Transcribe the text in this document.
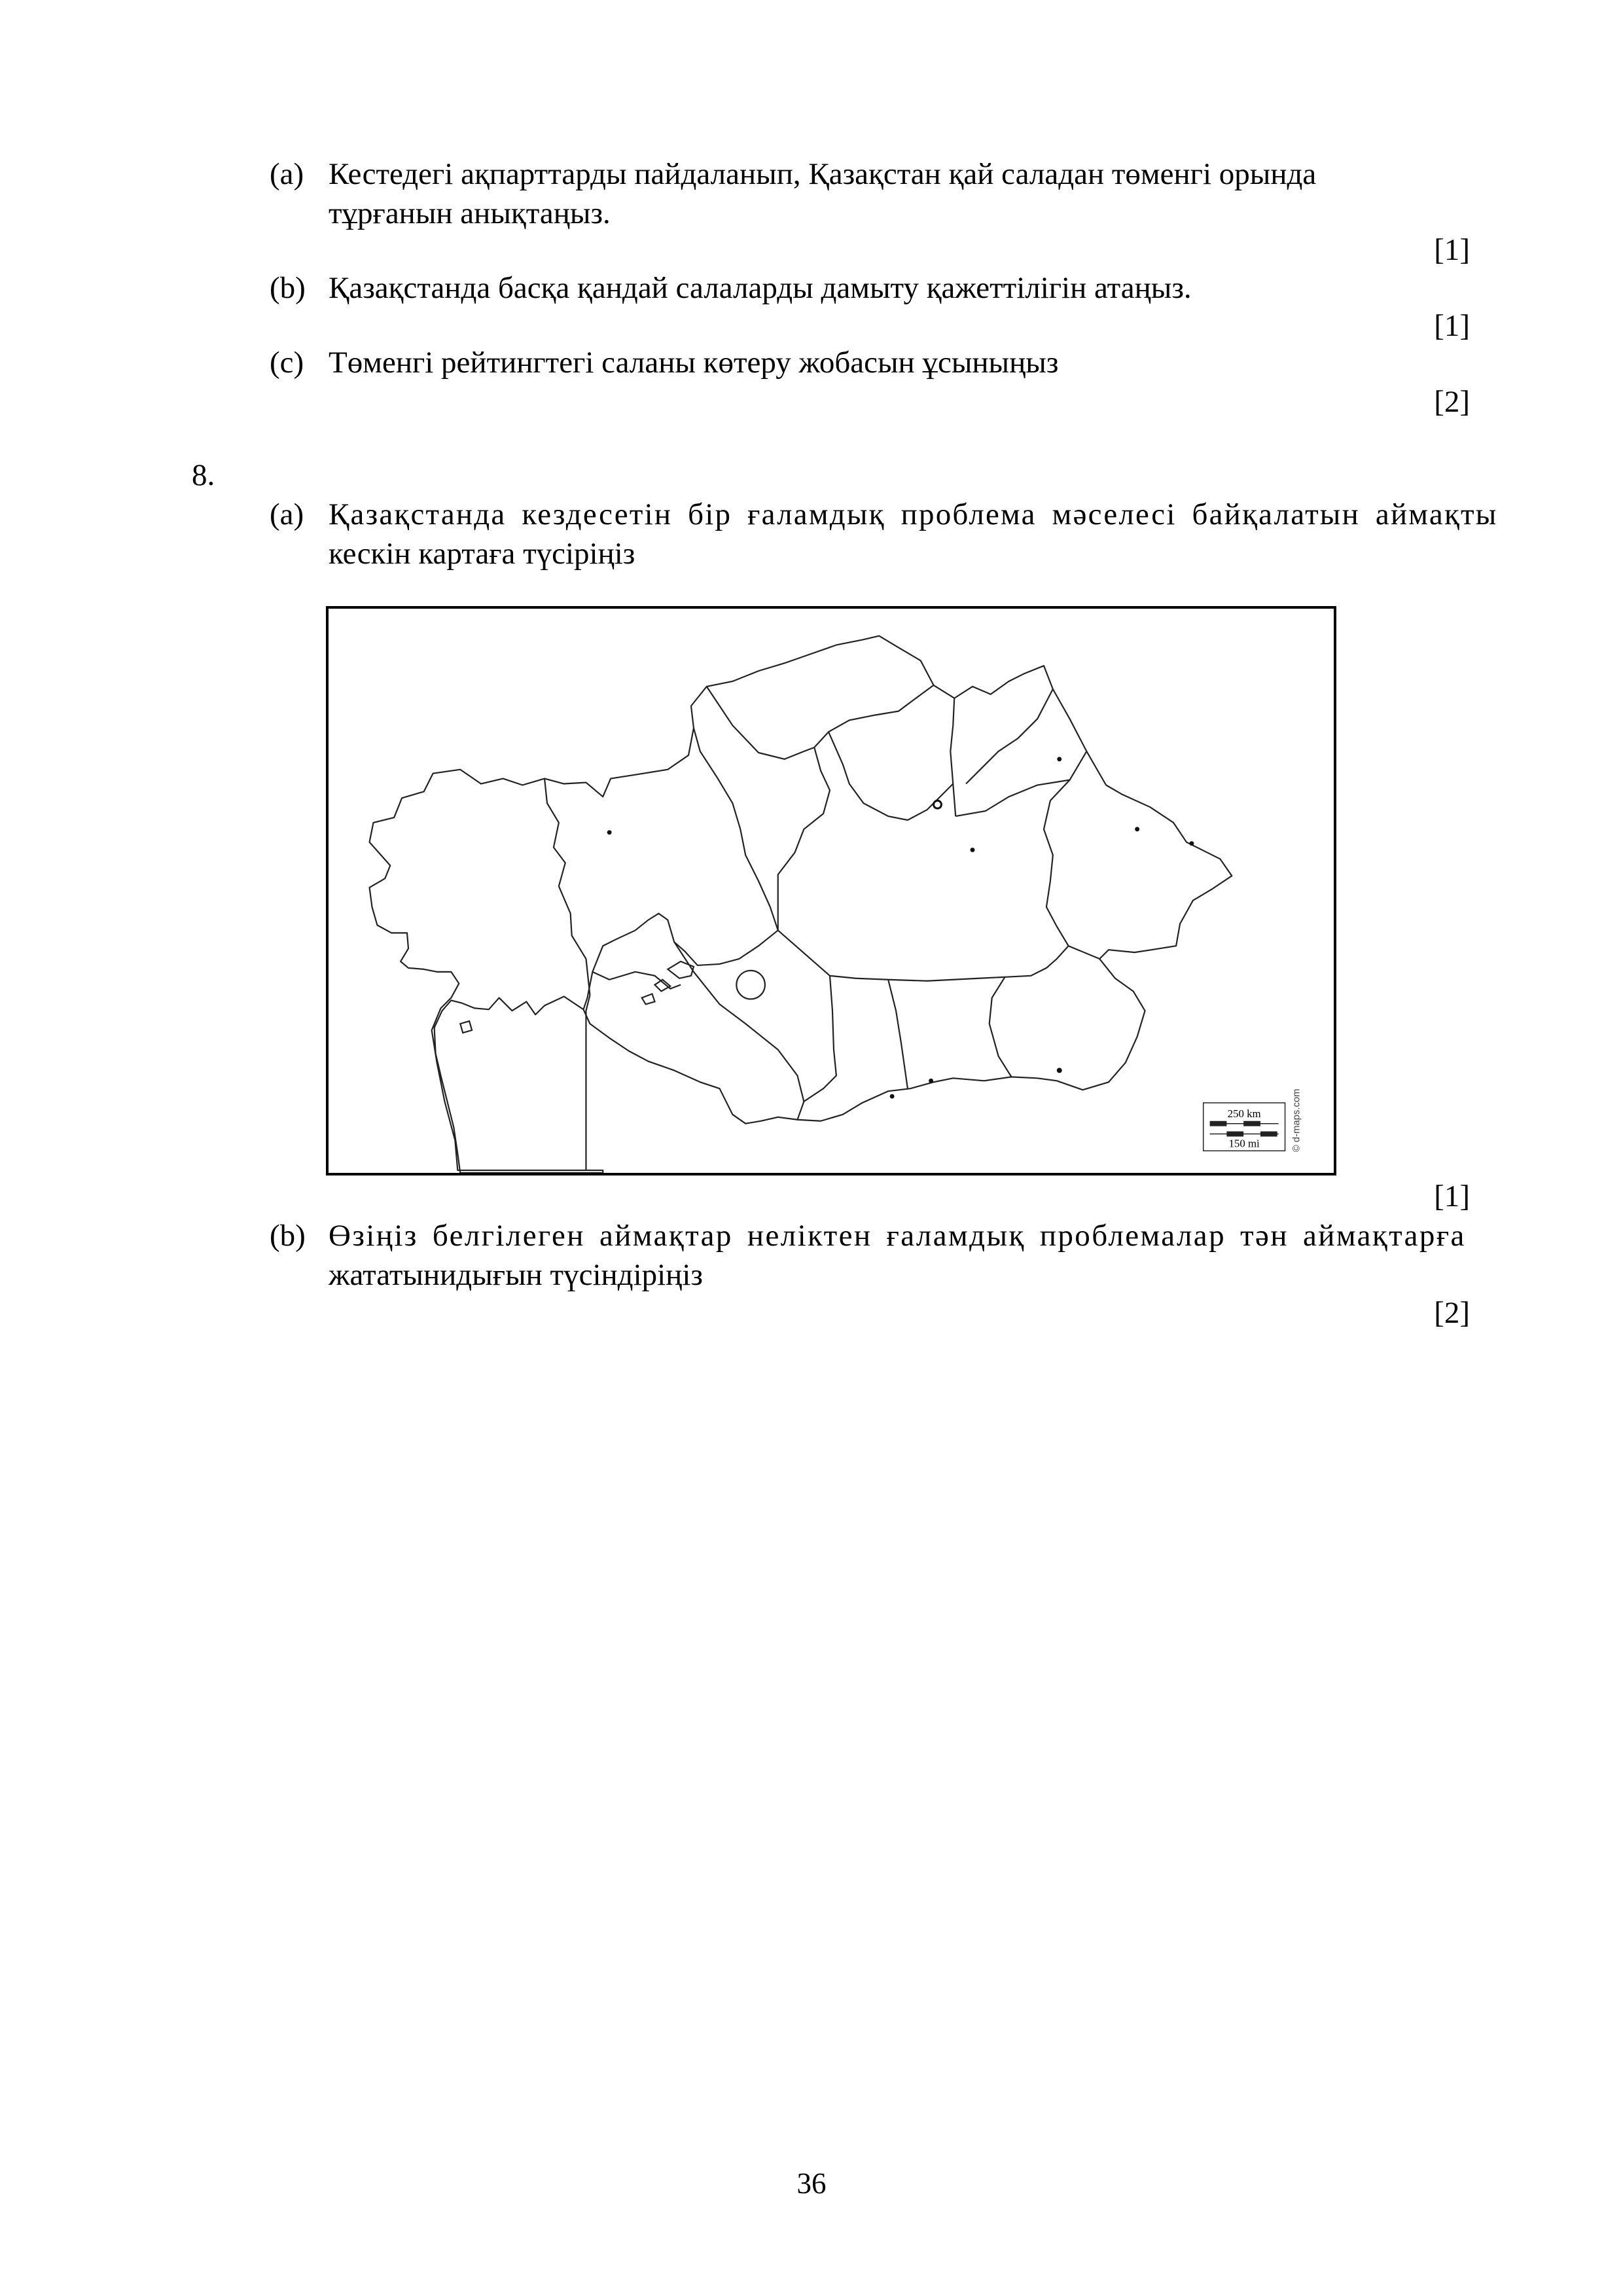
(a) Кестедегі ақпарттарды пайдаланып, Қазақстан қай саладан төменгі орында
тұрғанын анықтаңыз.
[1]
(b) Қазақстанда басқа қандай салаларды дамыту қажеттілігін атаңыз.
[1]
(c) Төменгі рейтингтегі саланы көтеру жобасын ұсыныңыз
[2]
8.
(a) Қазақстанда кездесетін бір ғаламдық проблема мәселесі байқалатын аймақты
кескін картаға түсіріңіз
250 km
150 mi	© d-maps.com
[1]
(b) Өзіңіз белгілеген аймақтар неліктен ғаламдық проблемалар тән аймақтарға
жататынидығын түсіндіріңіз
[2]
36
